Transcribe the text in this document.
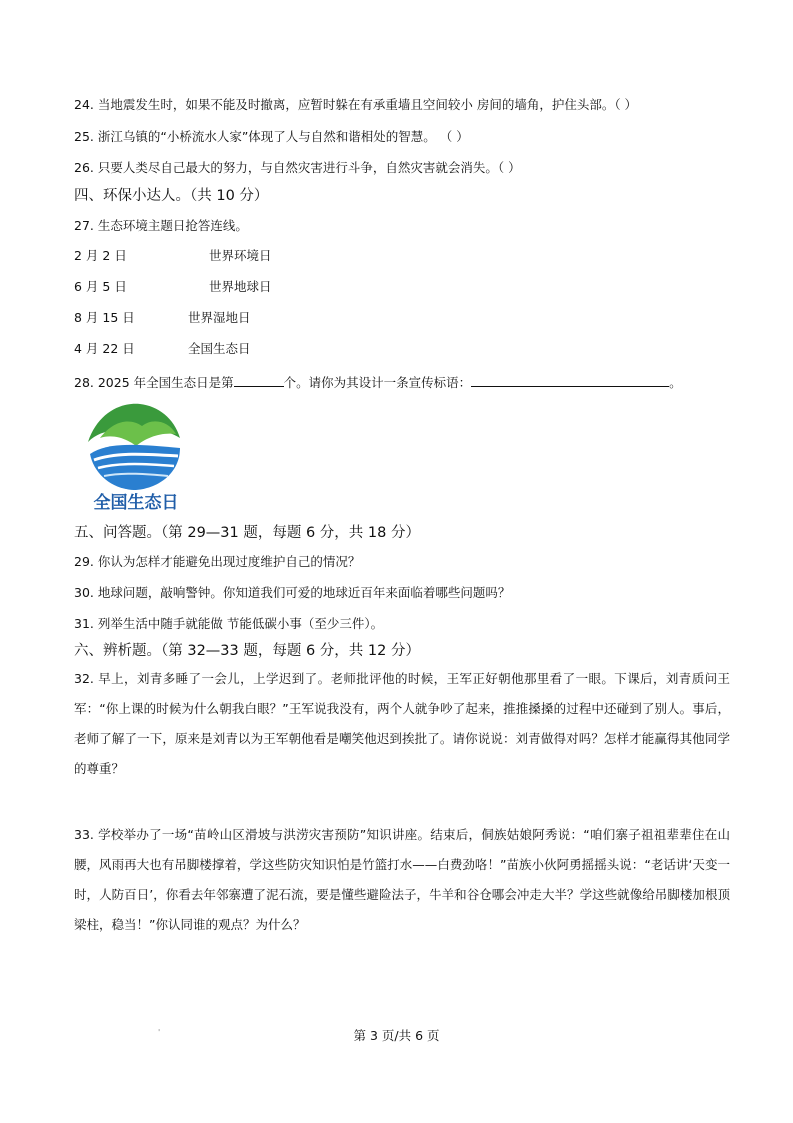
24. 当地震发生时，如果不能及时撤离，应暂时躲在有承重墙且空间较小 房间的墙角，护住头部。（ ）
25. 浙江乌镇的“小桥流水人家”体现了人与自然和谐相处的智慧。 （ ）
26. 只要人类尽自己最大的努力，与自然灾害进行斗争，自然灾害就会消失。（ ）
四、环保小达人。（共 10 分）
27. 生态环境主题日抢答连线。
2 月 2 日	世界环境日
6 月 5 日	世界地球日
8 月 15 日	世界湿地日
4 月 22 日	全国生态日
28. 2025 年全国生态日是第	个。请你为其设计一条宣传标语：	。
全国生态日
五、问答题。（第 29—31 题，每题 6 分，共 18 分）
29. 你认为怎样才能避免出现过度维护自己的情况？
30. 地球问题，敲响警钟。你知道我们可爱的地球近百年来面临着哪些问题吗？
31. 列举生活中随手就能做 节能低碳小事（至少三件）。
六、辨析题。（第 32—33 题，每题 6 分，共 12 分）
32. 早上，刘青多睡了一会儿，上学迟到了。老师批评他的时候，王军正好朝他那里看了一眼。下课后，刘青质问王军：“你上课的时候为什么朝我白眼？”王军说我没有，两个人就争吵了起来，推推搡搡的过程中还碰到了别人。事后，老师了解了一下，原来是刘青以为王军朝他看是嘲笑他迟到挨批了。请你说说：刘青做得对吗？怎样才能赢得其他同学的尊重？
33. 学校举办了一场“苗岭山区滑坡与洪涝灾害预防”知识讲座。结束后，侗族姑娘阿秀说：“咱们寨子祖祖辈辈住在山腰，风雨再大也有吊脚楼撑着，学这些防灾知识怕是竹篮打水——白费劲咯！”苗族小伙阿勇摇摇头说：“老话讲‘天变一时，人防百日’，你看去年邻寨遭了泥石流，要是懂些避险法子，牛羊和谷仓哪会冲走大半？学这些就像给吊脚楼加根顶梁柱，稳当！”你认同谁的观点？为什么？
'	第 3 页/共 6 页
